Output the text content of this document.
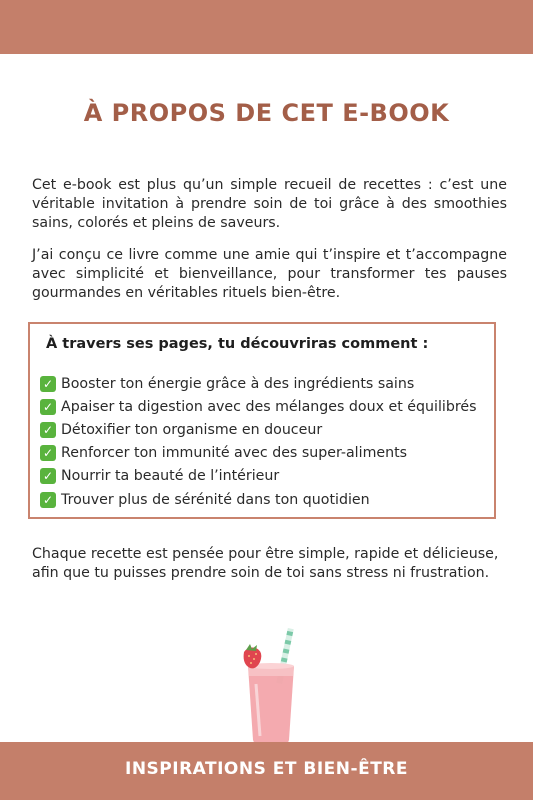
À PROPOS DE CET E-BOOK

Cet e-book est plus qu’un simple recueil de recettes : c’est une véritable invitation à prendre soin de toi grâce à des smoothies sains, colorés et pleins de saveurs.

J’ai conçu ce livre comme une amie qui t’inspire et t’accompagne avec simplicité et bienveillance, pour transformer tes pauses gourmandes en véritables rituels bien-être.

À travers ses pages, tu découvriras comment :
✓ Booster ton énergie grâce à des ingrédients sains
✓ Apaiser ta digestion avec des mélanges doux et équilibrés
✓ Détoxifier ton organisme en douceur
✓ Renforcer ton immunité avec des super-aliments
✓ Nourrir ta beauté de l’intérieur
✓ Trouver plus de sérénité dans ton quotidien

Chaque recette est pensée pour être simple, rapide et délicieuse, afin que tu puisses prendre soin de toi sans stress ni frustration.

INSPIRATIONS ET BIEN-ÊTRE
